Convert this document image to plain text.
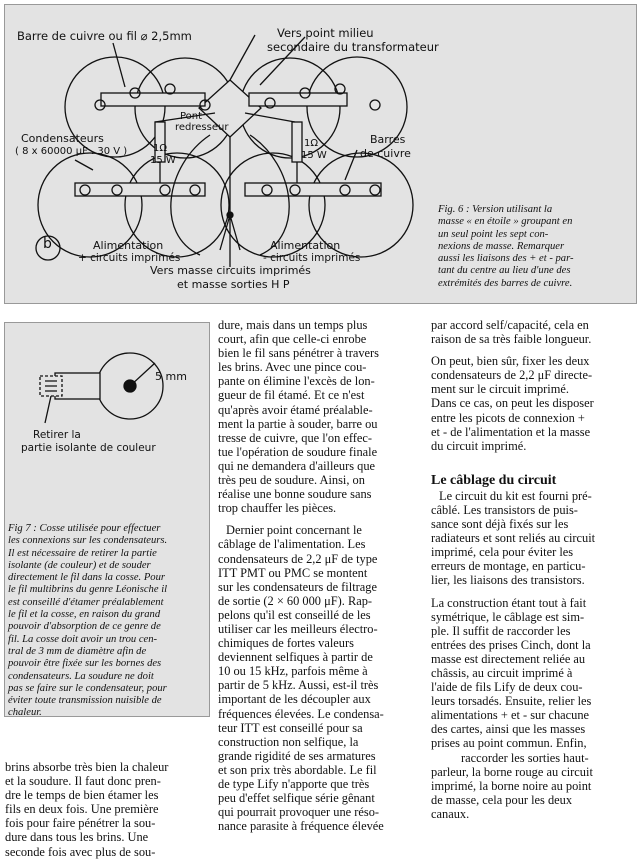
Barre de cuivre ou fil ⌀ 2,5mm	Vers point milieu
secondaire du transformateur
Pont
redresseur
Condensateurs
( 8 x 60000 μF . 30 V )	1Ω
15 W
1Ω
15 W
Barres
de cuivre
b	Alimentation
+ circuits imprimés
Alimentation
- circuits imprimés
Vers masse circuits imprimés
et masse sorties H P
Fig. 6 : Version utilisant la
masse « en étoile » groupant en
un seul point les sept con-
nexions de masse. Remarquer
aussi les liaisons des + et - par-
tant du centre au lieu d'une des
extrémités des barres de cuivre.
5 mm
Retirer la
partie isolante de couleur
Fig 7 : Cosse utilisée pour effectuer
les connexions sur les condensateurs.
Il est nécessaire de retirer la partie
isolante (de couleur) et de souder
directement le fil dans la cosse. Pour
le fil multibrins du genre Léonische il
est conseillé d'étamer préalablement
le fil et la cosse, en raison du grand
pouvoir d'absorption de ce genre de
fil. La cosse doit avoir un trou cen-
tral de 3 mm de diamètre afin de
pouvoir être fixée sur les bornes des
condensateurs. La soudure ne doit
pas se faire sur le condensateur, pour
éviter toute transmission nuisible de
chaleur.
brins absorbe très bien la chaleur
et la soudure. Il faut donc pren-
dre le temps de bien étamer les
fils en deux fois. Une première
fois pour faire pénétrer la sou-
dure dans tous les brins. Une
seconde fois avec plus de sou-
dure, mais dans un temps plus
court, afin que celle-ci enrobe
bien le fil sans pénétrer à travers
les brins. Avec une pince cou-
pante on élimine l'excès de lon-
gueur de fil étamé. Et ce n'est
qu'après avoir étamé préalable-
ment la partie à souder, barre ou
tresse de cuivre, que l'on effec-
tue l'opération de soudure finale
qui ne demandera d'ailleurs que
très peu de soudure. Ainsi, on
réalise une bonne soudure sans
trop chauffer les pièces.
Dernier point concernant le
câblage de l'alimentation. Les
condensateurs de 2,2 μF de type
ITT PMT ou PMC se montent
sur les condensateurs de filtrage
de sortie (2 × 60 000 μF). Rap-
pelons qu'il est conseillé de les
utiliser car les meilleurs électro-
chimiques de fortes valeurs
deviennent selfiques à partir de
10 ou 15 kHz, parfois même à
partir de 5 kHz. Aussi, est-il très
important de les découpler aux
fréquences élevées. Le condensa-
teur ITT est conseillé pour sa
construction non selfique, la
grande rigidité de ses armatures
et son prix très abordable. Le fil
de type Lify n'apporte que très
peu d'effet selfique série gênant
qui pourrait provoquer une réso-
nance parasite à fréquence élevée
par accord self/capacité, cela en
raison de sa très faible longueur.
On peut, bien sûr, fixer les deux
condensateurs de 2,2 μF directe-
ment sur le circuit imprimé.
Dans ce cas, on peut les disposer
entre les picots de connexion +
et - de l'alimentation et la masse
du circuit imprimé.
Le câblage du circuit
Le circuit du kit est fourni pré-
câblé. Les transistors de puis-
sance sont déjà fixés sur les
radiateurs et sont reliés au circuit
imprimé, cela pour éviter les
erreurs de montage, en particu-
lier, les liaisons des transistors.
La construction étant tout à fait
symétrique, le câblage est sim-
ple. Il suffit de raccorder les
entrées des prises Cinch, dont la
masse est directement reliée au
châssis, au circuit imprimé à
l'aide de fils Lify de deux cou-
leurs torsadés. Ensuite, relier les
alimentations + et - sur chacune
des cartes, ainsi que les masses
prises au point commun. Enfin,
raccorder les sorties haut-
parleur, la borne rouge au circuit
imprimé, la borne noire au point
de masse, cela pour les deux
canaux.
